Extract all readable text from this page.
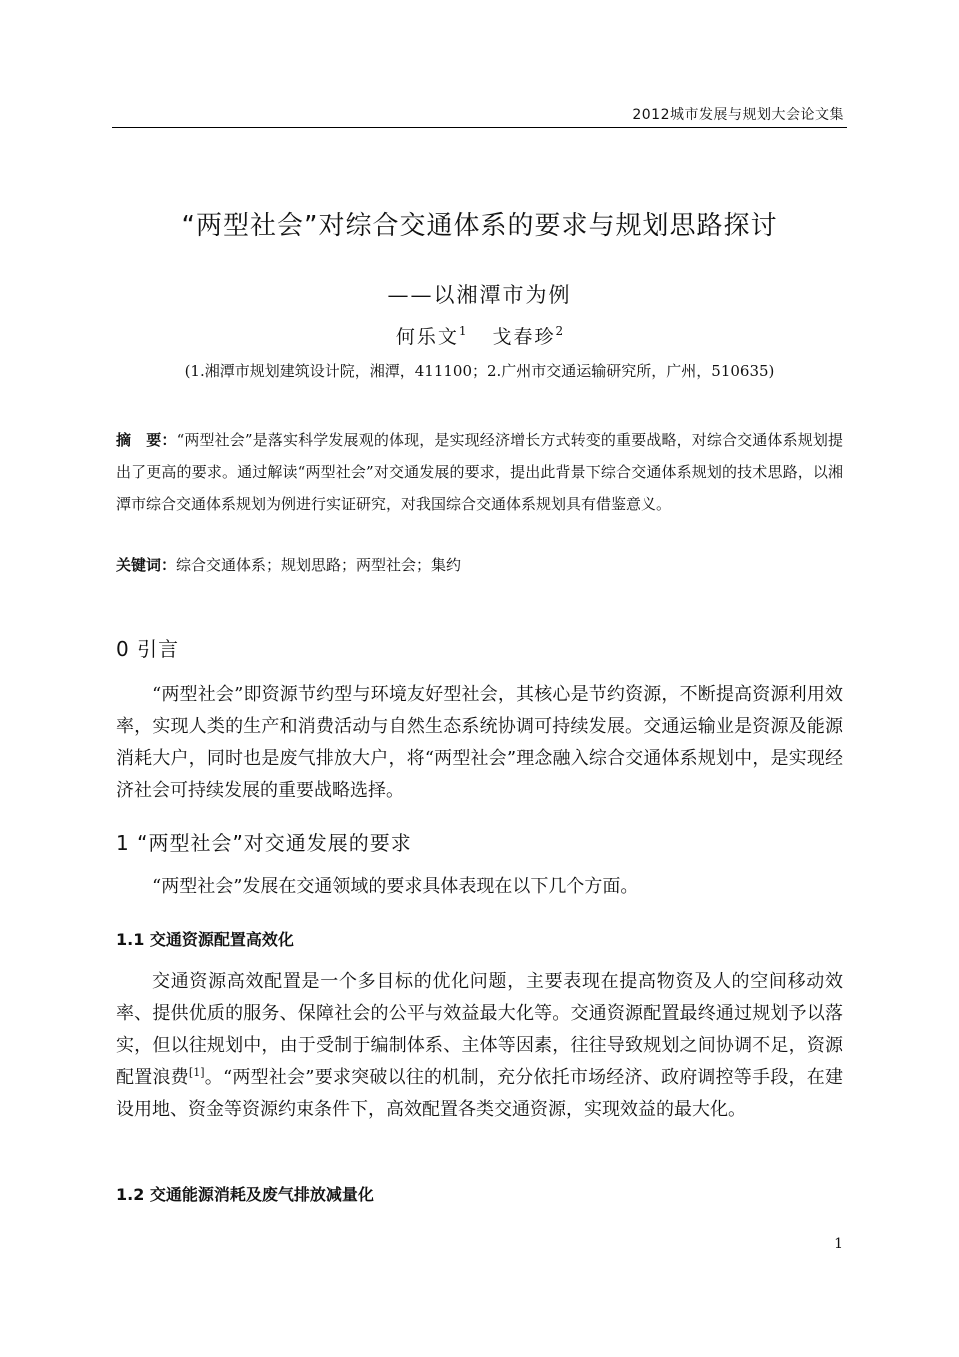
2012城市发展与规划大会论文集
“两型社会”对综合交通体系的要求与规划思路探讨
——以湘潭市为例
何乐文$^1$ 戈春珍$^2$
(1.湘潭市规划建筑设计院，湘潭，411100；2.广州市交通运输研究所，广州，510635)
摘　要：“两型社会”是落实科学发展观的体现，是实现经济增长方式转变的重要战略，对综合交通体系规划提出了更高的要求。通过解读“两型社会”对交通发展的要求，提出此背景下综合交通体系规划的技术思路，以湘潭市综合交通体系规划为例进行实证研究，对我国综合交通体系规划具有借鉴意义。
关键词：综合交通体系；规划思路；两型社会；集约
0 引言
“两型社会”即资源节约型与环境友好型社会，其核心是节约资源，不断提高资源利用效率，实现人类的生产和消费活动与自然生态系统协调可持续发展。交通运输业是资源及能源消耗大户，同时也是废气排放大户，将“两型社会”理念融入综合交通体系规划中，是实现经济社会可持续发展的重要战略选择。
1 “两型社会”对交通发展的要求
“两型社会”发展在交通领域的要求具体表现在以下几个方面。
1.1 交通资源配置高效化
交通资源高效配置是一个多目标的优化问题，主要表现在提高物资及人的空间移动效率、提供优质的服务、保障社会的公平与效益最大化等。交通资源配置最终通过规划予以落实，但以往规划中，由于受制于编制体系、主体等因素，往往导致规划之间协调不足，资源配置浪费[1]。“两型社会”要求突破以往的机制，充分依托市场经济、政府调控等手段，在建设用地、资金等资源约束条件下，高效配置各类交通资源，实现效益的最大化。
1.2 交通能源消耗及废气排放减量化
1
